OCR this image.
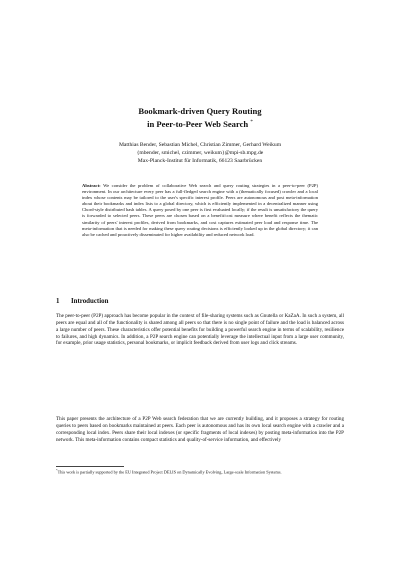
Bookmark-driven Query Routing
in Peer-to-Peer Web Search *
Matthias Bender, Sebastian Michel, Christian Zimmer, Gerhard Weikum
{mbender, smichel, czimmer, weikum}@mpi-sb.mpg.de
Max-Planck-Institut für Informatik, 66123 Saarbrücken
Abstract: We consider the problem of collaborative Web search and query routing strategies in a peer-to-peer (P2P) environment. In our architecture every peer has a full-fledged search engine with a (thematically focused) crawler and a local index whose contents may be tailored to the user's specific interest profile. Peers are autonomous and post meta-information about their bookmarks and index lists to a global directory, which is efficiently implemented in a decentralized manner using Chord-style distributed hash tables. A query posed by one peer is first evaluated locally; if the result is unsatisfactory the query is forwarded to selected peers. These peers are chosen based on a benefit/cost measure where benefit reflects the thematic similarity of peers' interest profiles, derived from bookmarks, and cost captures estimated peer load and response time. The meta-information that is needed for making these query routing decisions is efficiently looked up in the global directory; it can also be cached and proactively disseminated for higher availability and reduced network load.
1 Introduction

The peer-to-peer (P2P) approach has become popular in the context of file-sharing systems such as Gnutella or KaZaA. In such a system, all peers are equal and all of the functionality is shared among all peers so that there is no single point of failure and the load is balanced across a large number of peers. These characteristics offer potential benefits for building a powerful search engine in terms of scalability, resilience to failures, and high dynamics. In addition, a P2P search engine can potentially leverage the intellectual input from a large user community, for example, prior usage statistics, personal bookmarks, or implicit feedback derived from user logs and click streams.

This paper presents the architecture of a P2P Web search federation that we are currently building, and it proposes a strategy for routing queries to peers based on bookmarks maintained at peers. Each peer is autonomous and has its own local search engine with a crawler and a corresponding local index. Peers share their local indexes (or specific fragments of local indexes) by posting meta-information into the P2P network. This meta-information contains compact statistics and quality-of-service information, and effectively

*This work is partially supported by the EU Integrated Project DELIS on Dynamically Evolving, Large-scale Information Systems.
